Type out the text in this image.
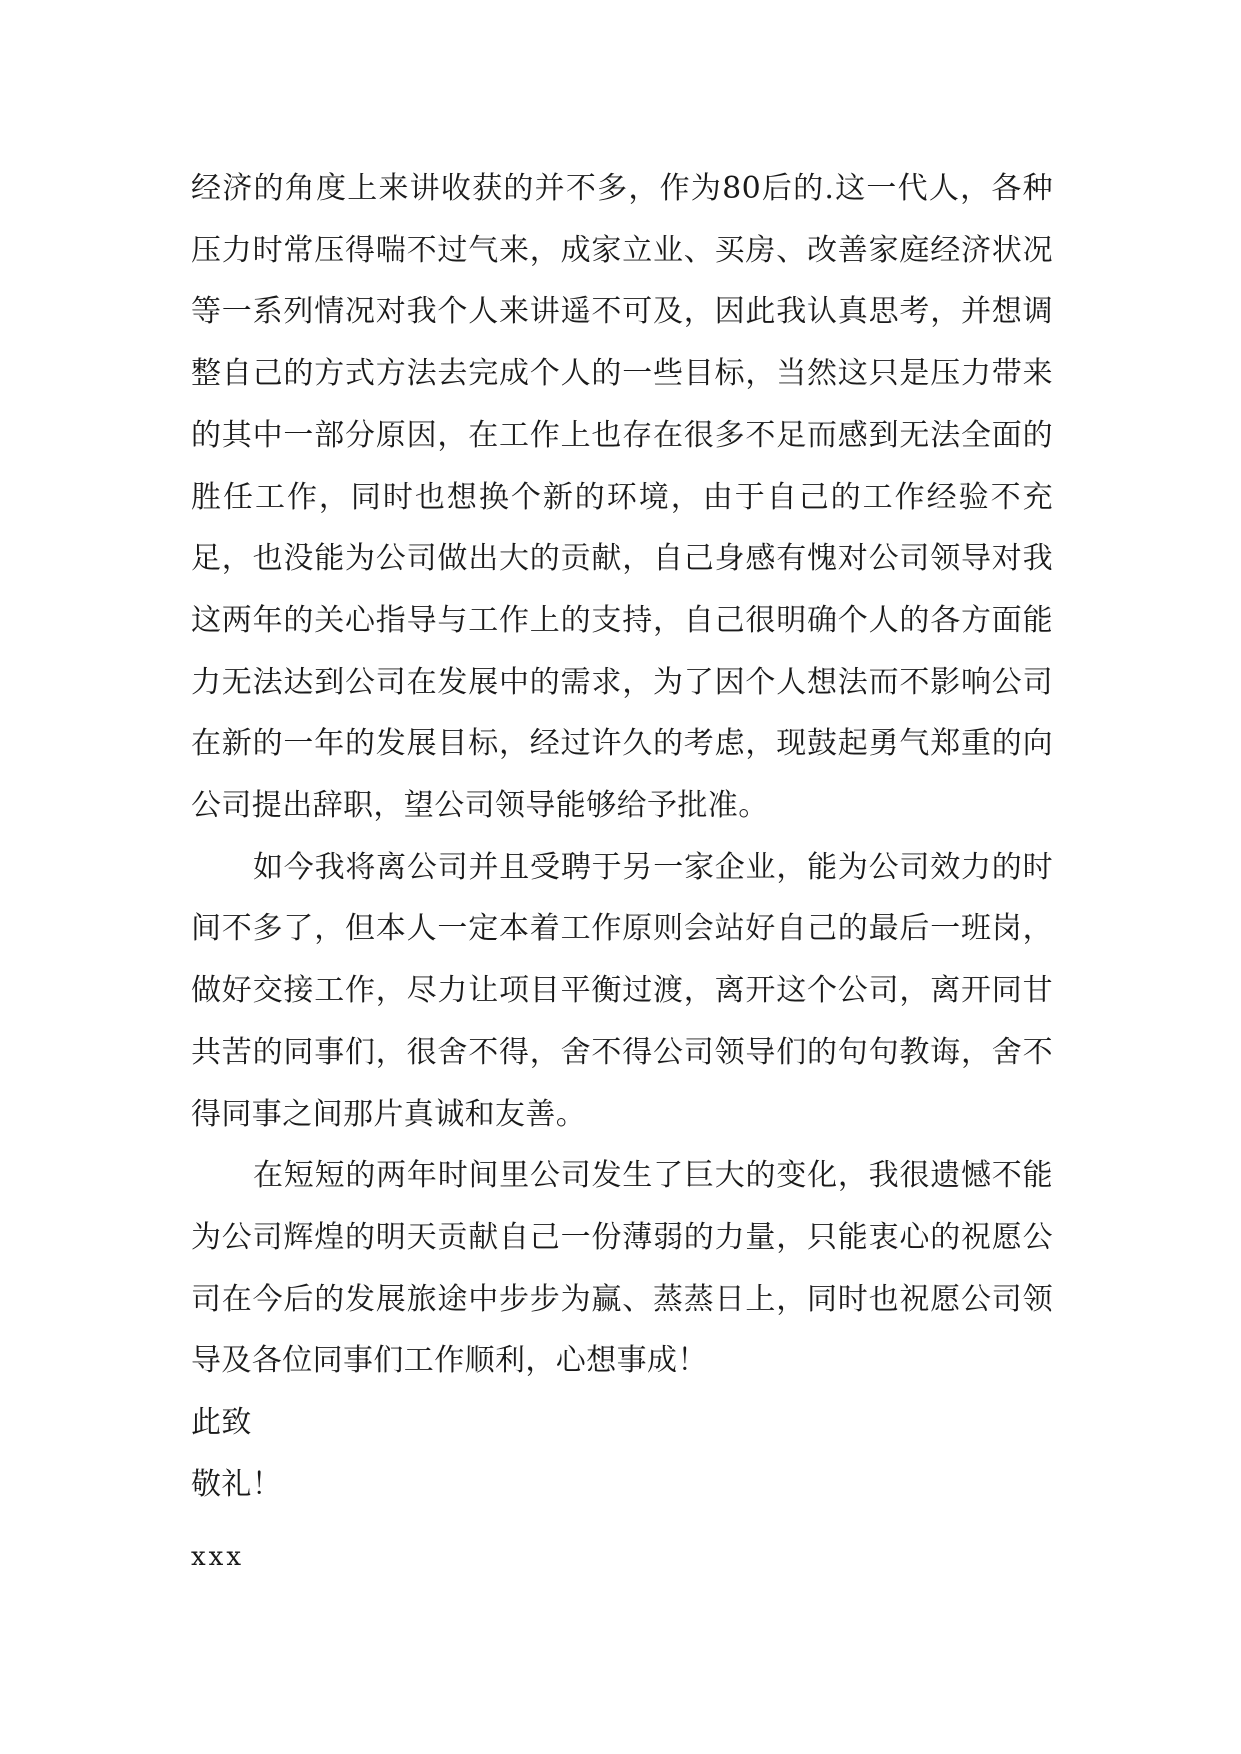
经济的角度上来讲收获的并不多，作为80后的.这一代人，各种压力时常压得喘不过气来，成家立业、买房、改善家庭经济状况等一系列情况对我个人来讲遥不可及，因此我认真思考，并想调整自己的方式方法去完成个人的一些目标，当然这只是压力带来的其中一部分原因，在工作上也存在很多不足而感到无法全面的胜任工作，同时也想换个新的环境，由于自己的工作经验不充足，也没能为公司做出大的贡献，自己身感有愧对公司领导对我这两年的关心指导与工作上的支持，自己很明确个人的各方面能力无法达到公司在发展中的需求，为了因个人想法而不影响公司在新的一年的发展目标，经过许久的考虑，现鼓起勇气郑重的向公司提出辞职，望公司领导能够给予批准。

如今我将离公司并且受聘于另一家企业，能为公司效力的时间不多了，但本人一定本着工作原则会站好自己的最后一班岗，做好交接工作，尽力让项目平衡过渡，离开这个公司，离开同甘共苦的同事们，很舍不得，舍不得公司领导们的句句教诲，舍不得同事之间那片真诚和友善。

在短短的两年时间里公司发生了巨大的变化，我很遗憾不能为公司辉煌的明天贡献自己一份薄弱的力量，只能衷心的祝愿公司在今后的发展旅途中步步为赢、蒸蒸日上，同时也祝愿公司领导及各位同事们工作顺利，心想事成！

此致

敬礼！

xxx
